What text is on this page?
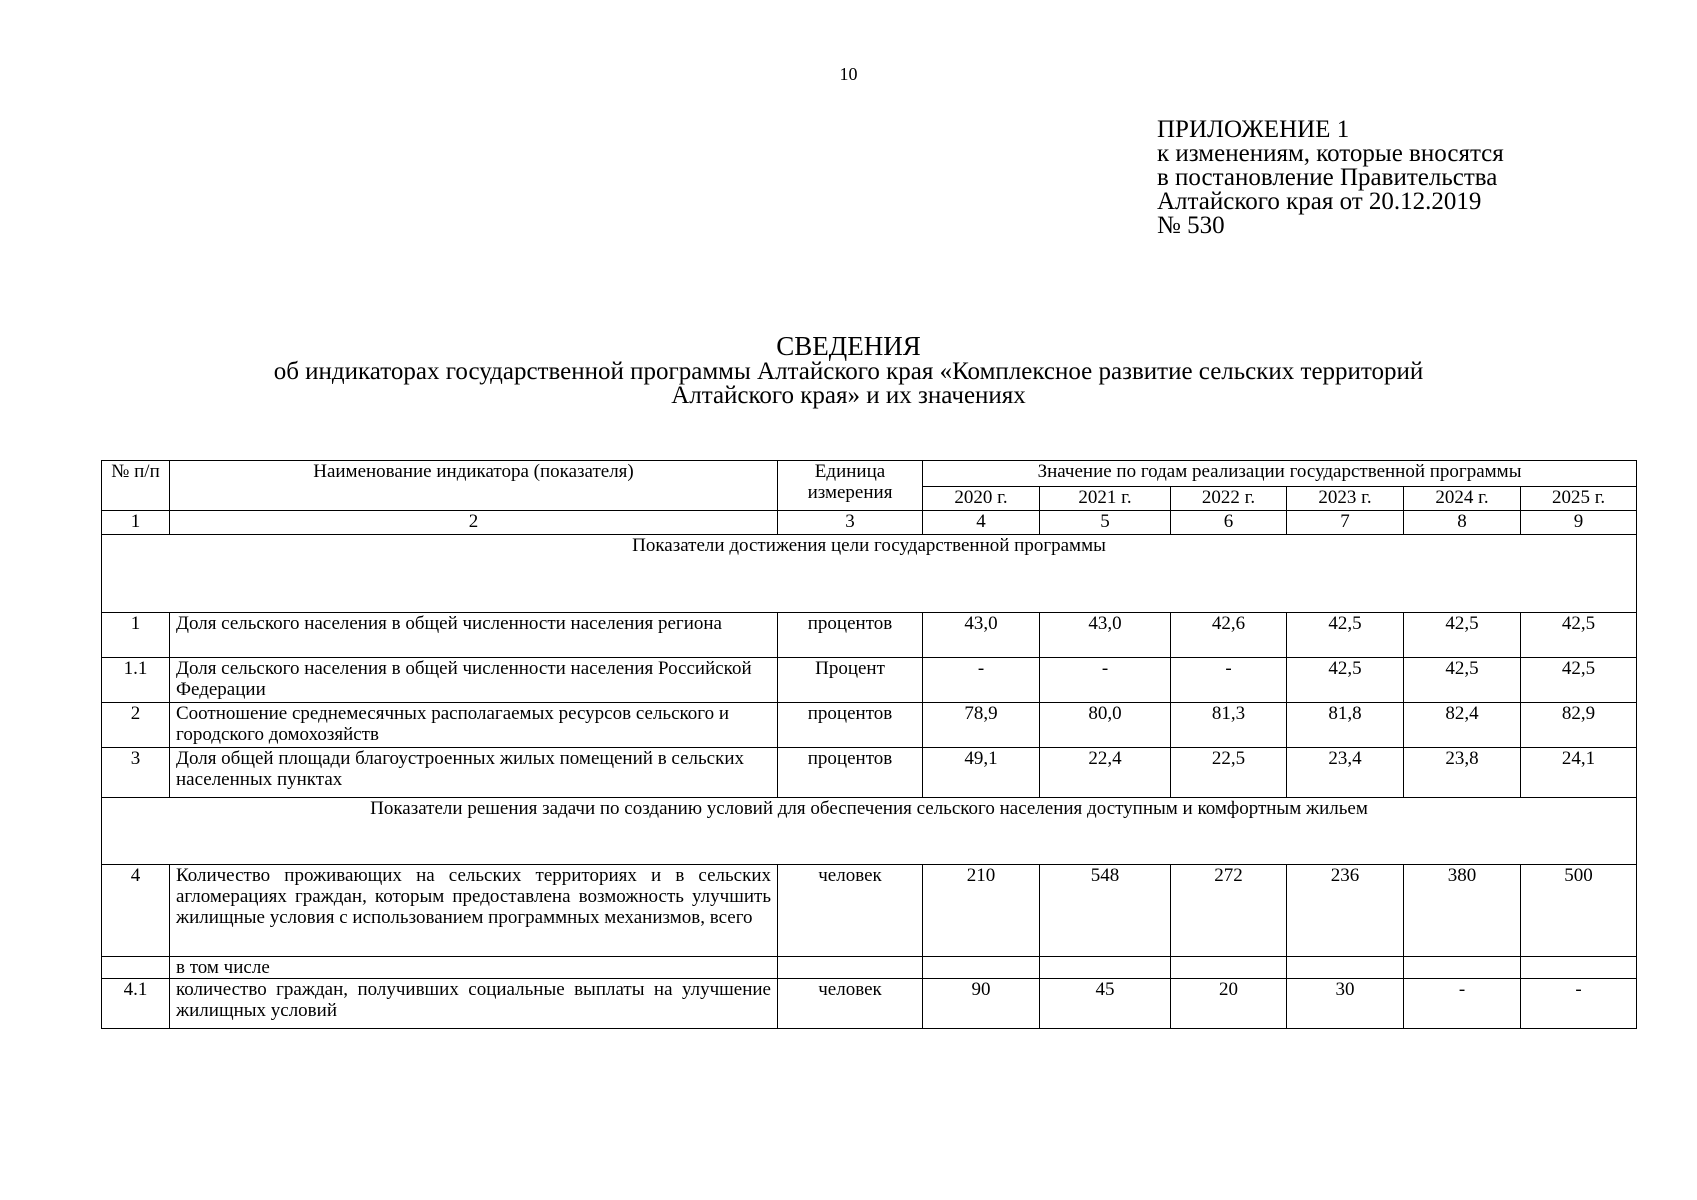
10
ПРИЛОЖЕНИЕ 1
к изменениям, которые вносятся
в постановление Правительства
Алтайского края от 20.12.2019
№ 530
СВЕДЕНИЯ
об индикаторах государственной программы Алтайского края «Комплексное развитие сельских территорий
Алтайского края» и их значениях
№ п/п	Наименование индикатора (показателя)	Единица измерения	Значение по годам реализации государственной программы					
			2020 г.	2021 г.	2022 г.	2023 г.	2024 г.	2025 г.
1	2	3	4	5	6	7	8	9
Показатели достижения цели государственной программы								
1	Доля сельского населения в общей численности населения региона	процентов	43,0	43,0	42,6	42,5	42,5	42,5
1.1	Доля сельского населения в общей численности населения Российской Федерации	Процент	-	-	-	42,5	42,5	42,5
2	Соотношение среднемесячных располагаемых ресурсов сельского и городского домохозяйств	процентов	78,9	80,0	81,3	81,8	82,4	82,9
3	Доля общей площади благоустроенных жилых помещений в сельских населенных пунктах	процентов	49,1	22,4	22,5	23,4	23,8	24,1
Показатели решения задачи по созданию условий для обеспечения сельского населения доступным и комфортным жильем								
4	Количество проживающих на сельских территориях и в сельских агломерациях граждан, которым предоставлена возможность улучшить жилищные условия с использованием программных механизмов, всего	человек	210	548	272	236	380	500
	в том числе							
4.1	количество граждан, получивших социальные выплаты на улучшение жилищных условий	человек	90	45	20	30	-	-
